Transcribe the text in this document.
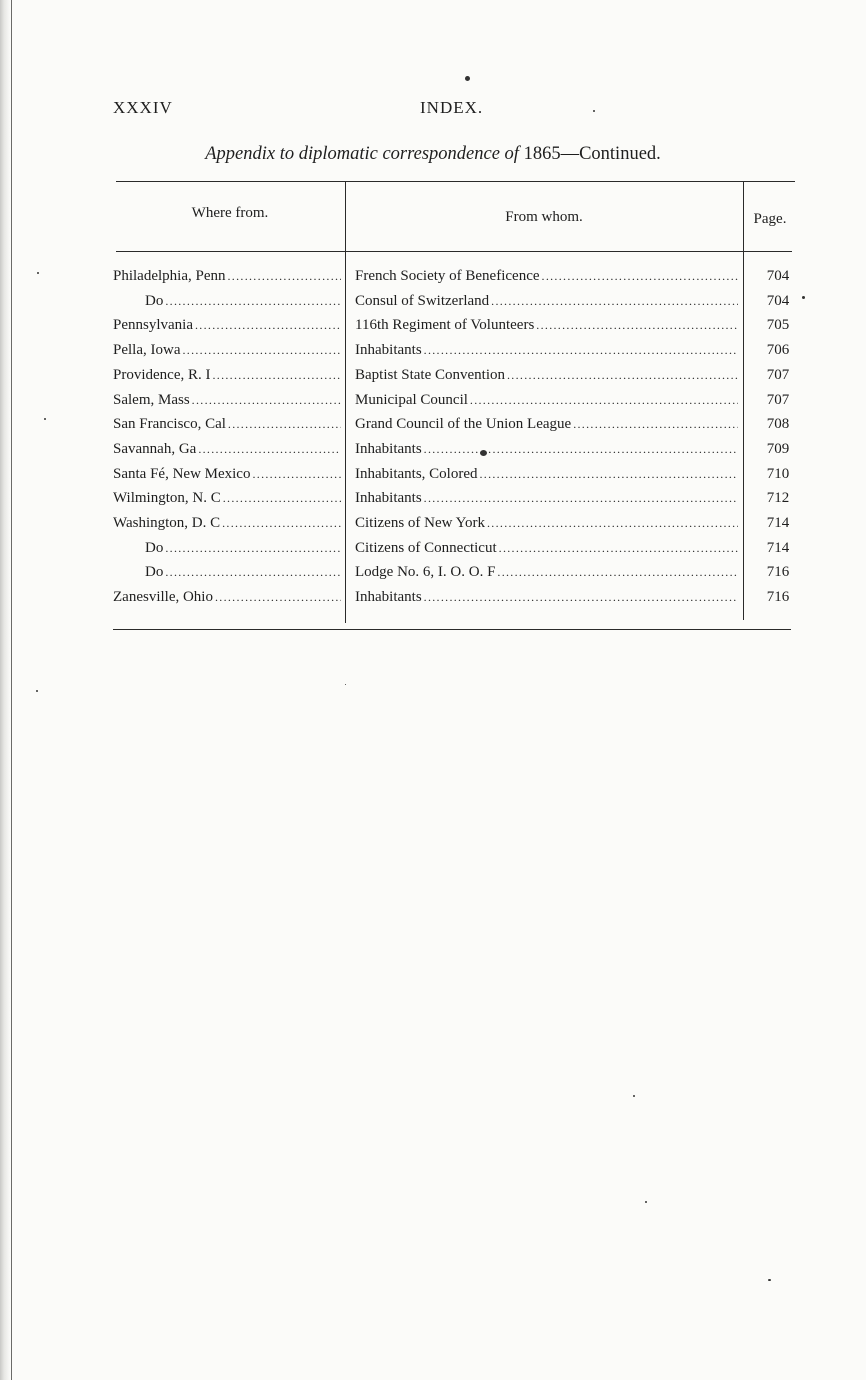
XXXIV	INDEX.
Appendix to diplomatic correspondence of 1865—Continued.
Where from.	From whom.	Page.
Philadelphia, Penn .....	French Society of Beneficence .....	704
Do .....	Consul of Switzerland .....	704
Pennsylvania .....	116th Regiment of Volunteers .....	705
Pella, Iowa .....	Inhabitants .....	706
Providence, R. I .....	Baptist State Convention .....	707
Salem, Mass .....	Municipal Council .....	707
San Francisco, Cal .....	Grand Council of the Union League .....	708
Savannah, Ga .....	Inhabitants .....	709
Santa Fé, New Mexico .....	Inhabitants, Colored .....	710
Wilmington, N. C .....	Inhabitants .....	712
Washington, D. C .....	Citizens of New York .....	714
Do .....	Citizens of Connecticut .....	714
Do .....	Lodge No. 6, I. O. O. F .....	716
Zanesville, Ohio .....	Inhabitants .....	716
